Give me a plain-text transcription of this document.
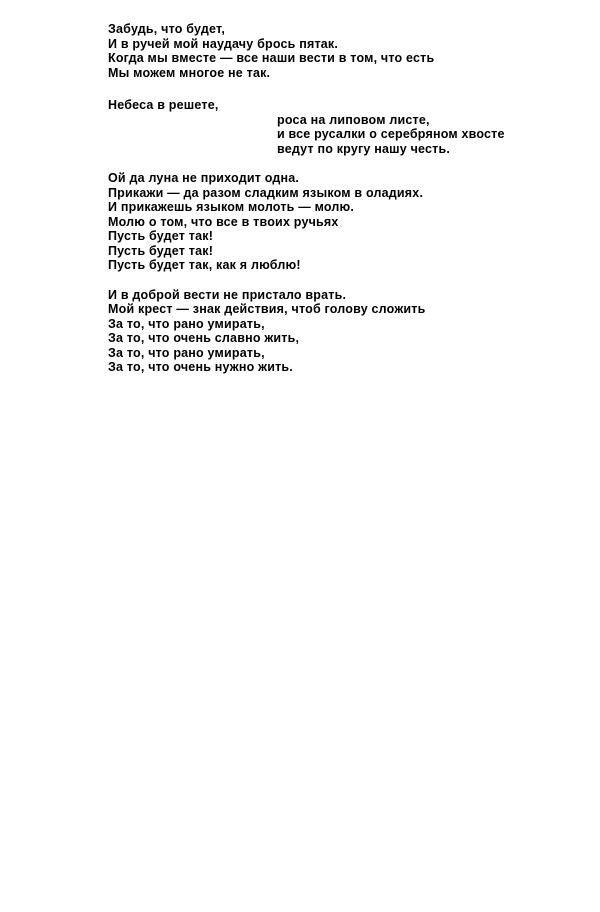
Забудь, что будет,

И в ручей мой наудачу брось пятак.

Когда мы вместе — все наши вести в том, что есть

Мы можем многое не так.

Небеса в решете,

роса на липовом листе,

и все русалки о серебряном хвосте

ведут по кругу нашу честь.

Ой да луна не приходит одна.

Прикажи — да разом сладким языком в оладиях.

И прикажешь языком молоть — молю.

Молю о том, что все в твоих ручьях

Пусть будет так!

Пусть будет так!

Пусть будет так, как я люблю!

И в доброй вести не пристало врать.

Мой крест — знак действия, чтоб голову сложить

За то, что рано умирать,

За то, что очень славно жить,

За то, что рано умирать,

За то, что очень нужно жить.
